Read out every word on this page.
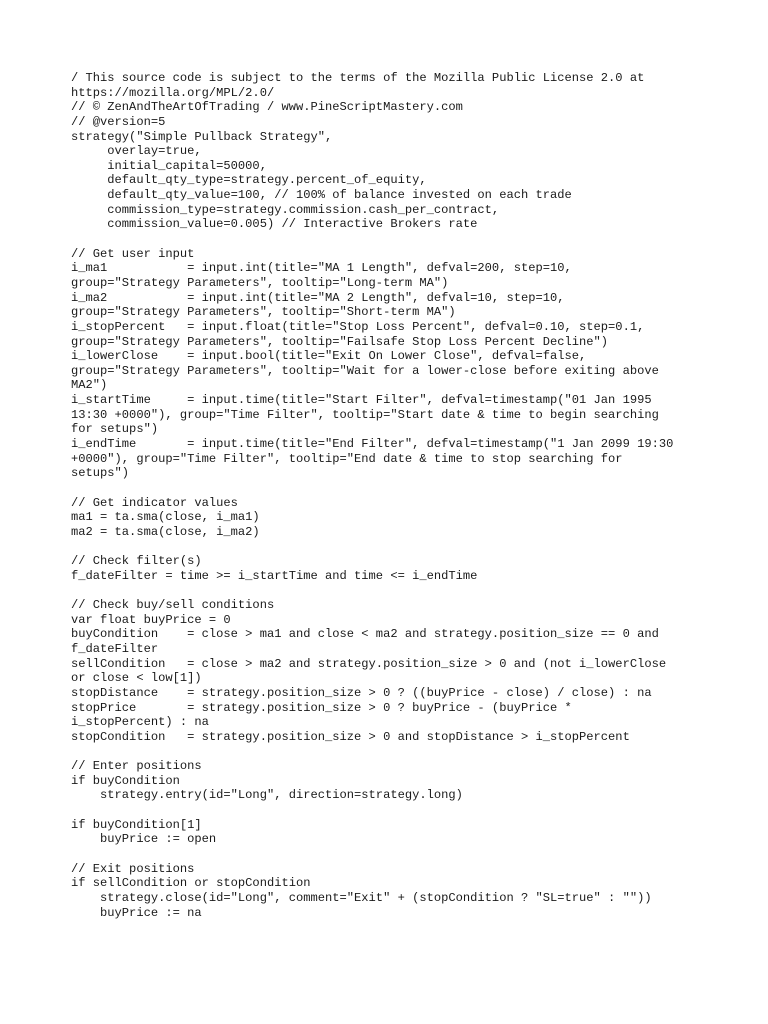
/ This source code is subject to the terms of the Mozilla Public License 2.0 at
https://mozilla.org/MPL/2.0/
// © ZenAndTheArtOfTrading / www.PineScriptMastery.com
// @version=5
strategy("Simple Pullback Strategy",
overlay=true,
initial_capital=50000,
default_qty_type=strategy.percent_of_equity,
default_qty_value=100, // 100% of balance invested on each trade
commission_type=strategy.commission.cash_per_contract,
commission_value=0.005) // Interactive Brokers rate

// Get user input
i_ma1           = input.int(title="MA 1 Length", defval=200, step=10,
group="Strategy Parameters", tooltip="Long-term MA")
i_ma2           = input.int(title="MA 2 Length", defval=10, step=10,
group="Strategy Parameters", tooltip="Short-term MA")
i_stopPercent   = input.float(title="Stop Loss Percent", defval=0.10, step=0.1,
group="Strategy Parameters", tooltip="Failsafe Stop Loss Percent Decline")
i_lowerClose    = input.bool(title="Exit On Lower Close", defval=false,
group="Strategy Parameters", tooltip="Wait for a lower-close before exiting above
MA2")
i_startTime     = input.time(title="Start Filter", defval=timestamp("01 Jan 1995
13:30 +0000"), group="Time Filter", tooltip="Start date & time to begin searching
for setups")
i_endTime       = input.time(title="End Filter", defval=timestamp("1 Jan 2099 19:30
+0000"), group="Time Filter", tooltip="End date & time to stop searching for
setups")

// Get indicator values
ma1 = ta.sma(close, i_ma1)
ma2 = ta.sma(close, i_ma2)

// Check filter(s)
f_dateFilter = time >= i_startTime and time <= i_endTime

// Check buy/sell conditions
var float buyPrice = 0
buyCondition    = close > ma1 and close < ma2 and strategy.position_size == 0 and
f_dateFilter
sellCondition   = close > ma2 and strategy.position_size > 0 and (not i_lowerClose
or close < low[1])
stopDistance    = strategy.position_size > 0 ? ((buyPrice - close) / close) : na
stopPrice       = strategy.position_size > 0 ? buyPrice - (buyPrice *
i_stopPercent) : na
stopCondition   = strategy.position_size > 0 and stopDistance > i_stopPercent

// Enter positions
if buyCondition
strategy.entry(id="Long", direction=strategy.long)

if buyCondition[1]
buyPrice := open

// Exit positions
if sellCondition or stopCondition
strategy.close(id="Long", comment="Exit" + (stopCondition ? "SL=true" : ""))
buyPrice := na
